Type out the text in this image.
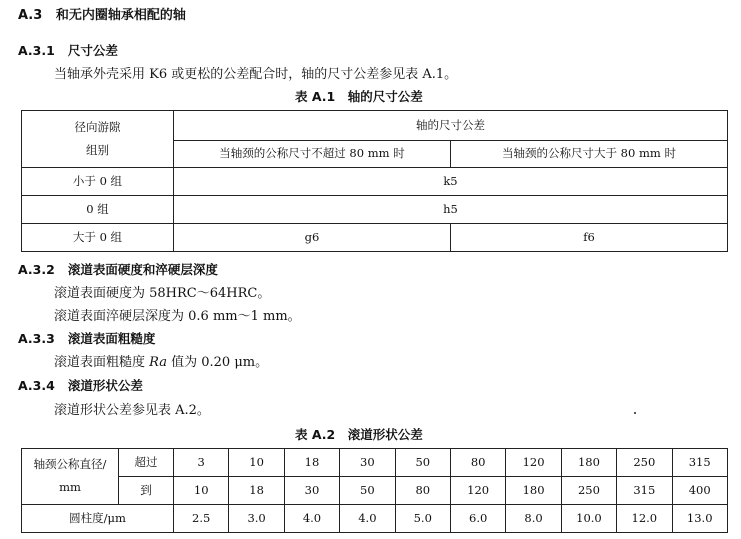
A.3 和无内圈轴承相配的轴
A.3.1 尺寸公差
当轴承外壳采用 K6 或更松的公差配合时，轴的尺寸公差参见表 A.1。
表 A.1　轴的尺寸公差
径向游隙
组别	轴的尺寸公差	
	当轴颈的公称尺寸不超过 80 mm 时	当轴颈的公称尺寸大于 80 mm 时
小于 0 组	k5	
0 组	h5	
大于 0 组	g6	f6
A.3.2 滚道表面硬度和淬硬层深度
滚道表面硬度为 58HRC～64HRC。
滚道表面淬硬层深度为 0.6 mm～1 mm。
A.3.3 滚道表面粗糙度
滚道表面粗糙度 Ra 值为 0.20 μm。
A.3.4 滚道形状公差
滚道形状公差参见表 A.2。
表 A.2　滚道形状公差
轴颈公称直径/
mm	超过	3	10	18	30	50	80	120	180	250	315
	到	10	18	30	50	80	120	180	250	315	400
圆柱度/μm		2.5	3.0	4.0	4.0	5.0	6.0	8.0	10.0	12.0	13.0
